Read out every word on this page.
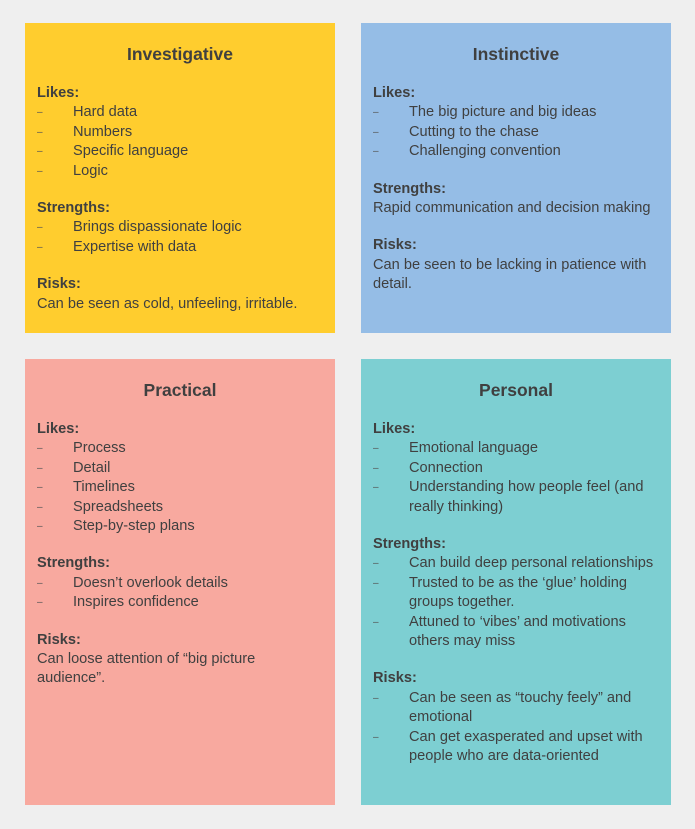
Investigative
Likes:
– Hard data
– Numbers
– Specific language
– Logic
Strengths:
– Brings dispassionate logic
– Expertise with data
Risks:

Can be seen as cold, unfeeling, irritable.

Instinctive
Likes:
– The big picture and big ideas
– Cutting to the chase
– Challenging convention
Strengths:

Rapid communication and decision making

Risks:

Can be seen to be lacking in patience with detail.

Practical
Likes:
– Process
– Detail
– Timelines
– Spreadsheets
– Step-by-step plans
Strengths:
– Doesn’t overlook details
– Inspires confidence
Risks:

Can loose attention of “big picture audience”.

Personal
Likes:
– Emotional language
– Connection
– Understanding how people feel (and really thinking)
Strengths:
– Can build deep personal relationships
– Trusted to be as the ‘glue’ holding groups together.
– Attuned to ‘vibes’ and motivations others may miss
Risks:
– Can be seen as “touchy feely” and emotional
– Can get exasperated and upset with people who are data-oriented
